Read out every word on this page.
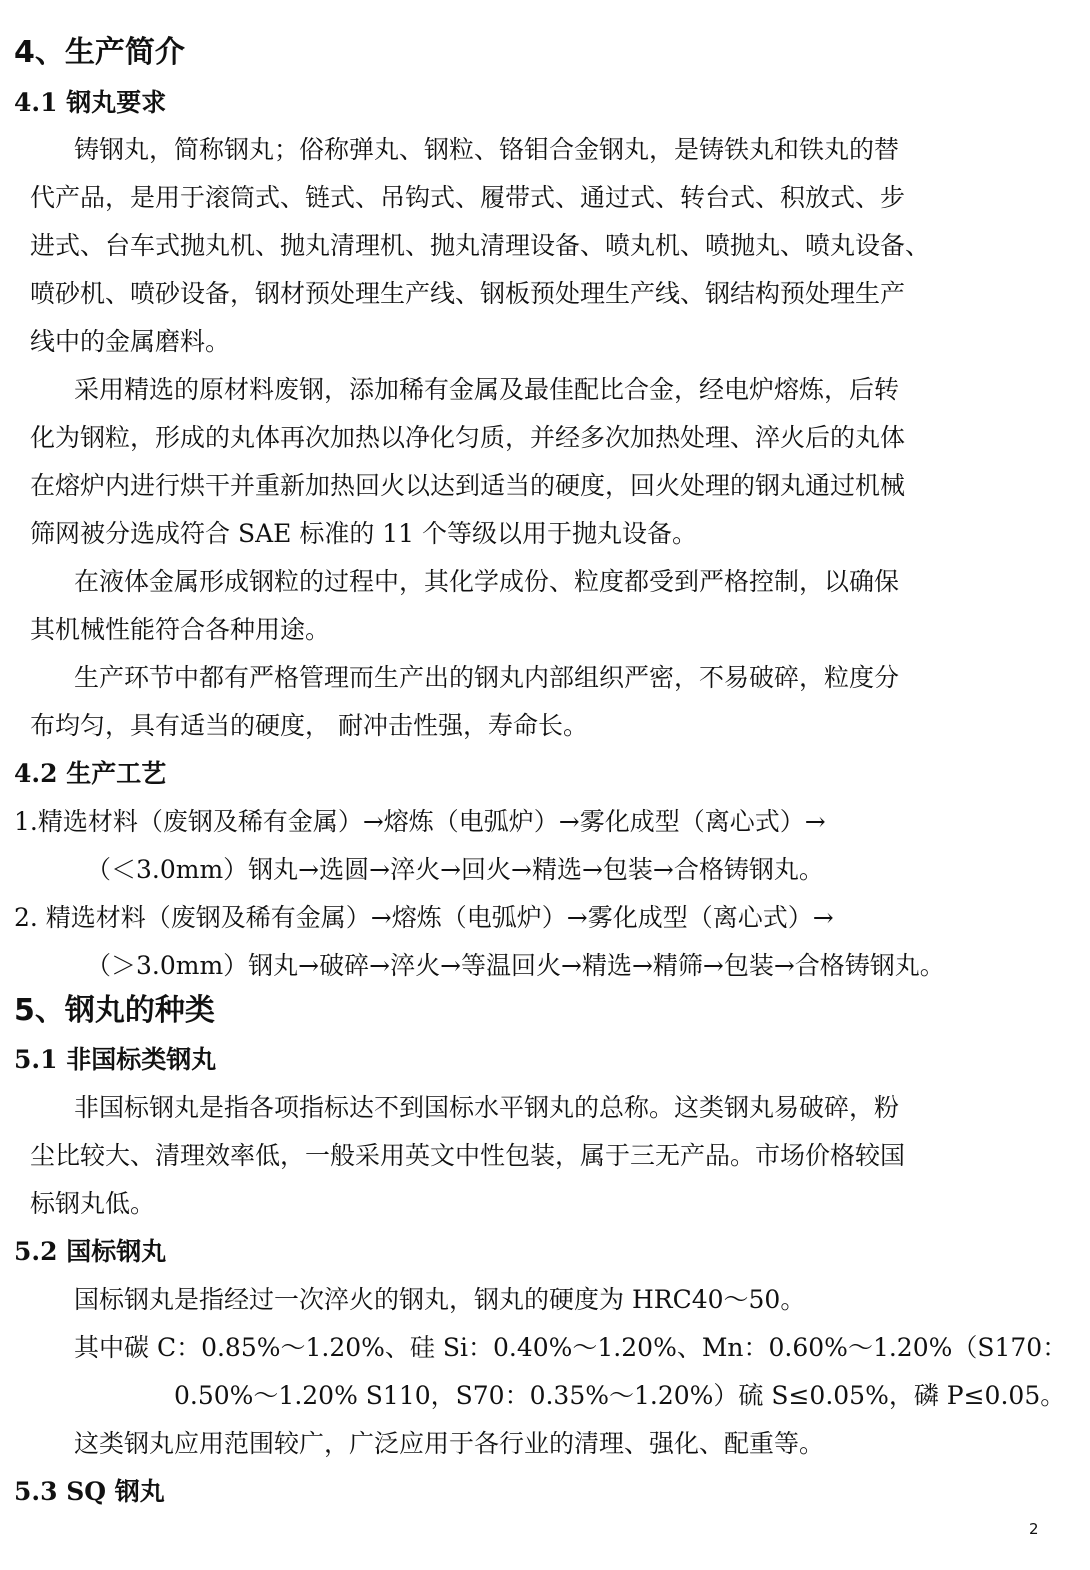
4、生产简介
4.1 钢丸要求
铸钢丸，简称钢丸；俗称弹丸、钢粒、铬钼合金钢丸，是铸铁丸和铁丸的替
代产品，是用于滚筒式、链式、吊钩式、履带式、通过式、转台式、积放式、步
进式、台车式抛丸机、抛丸清理机、抛丸清理设备、喷丸机、喷抛丸、喷丸设备、
喷砂机、喷砂设备，钢材预处理生产线、钢板预处理生产线、钢结构预处理生产
线中的金属磨料。
采用精选的原材料废钢，添加稀有金属及最佳配比合金，经电炉熔炼，后转
化为钢粒，形成的丸体再次加热以净化匀质，并经多次加热处理、淬火后的丸体
在熔炉内进行烘干并重新加热回火以达到适当的硬度，回火处理的钢丸通过机械
筛网被分选成符合 SAE 标准的 11 个等级以用于抛丸设备。
在液体金属形成钢粒的过程中，其化学成份、粒度都受到严格控制，以确保
其机械性能符合各种用途。
生产环节中都有严格管理而生产出的钢丸内部组织严密，不易破碎，粒度分
布均匀，具有适当的硬度， 耐冲击性强，寿命长。
4.2 生产工艺
1.精选材料（废钢及稀有金属）→熔炼（电弧炉）→雾化成型（离心式）→
（＜3.0mm）钢丸→选圆→淬火→回火→精选→包装→合格铸钢丸。
2. 精选材料（废钢及稀有金属）→熔炼（电弧炉）→雾化成型（离心式）→
（＞3.0mm）钢丸→破碎→淬火→等温回火→精选→精筛→包装→合格铸钢丸。
5、钢丸的种类
5.1 非国标类钢丸
非国标钢丸是指各项指标达不到国标水平钢丸的总称。这类钢丸易破碎，粉
尘比较大、清理效率低，一般采用英文中性包装，属于三无产品。市场价格较国
标钢丸低。
5.2 国标钢丸
国标钢丸是指经过一次淬火的钢丸，钢丸的硬度为 HRC40～50。
其中碳 C：0.85%～1.20%、硅 Si：0.40%～1.20%、Mn：0.60%～1.20%（S170：
0.50%～1.20% S110，S70：0.35%～1.20%）硫 S≤0.05%，磷 P≤0.05。
这类钢丸应用范围较广，广泛应用于各行业的清理、强化、配重等。
5.3 SQ 钢丸
2
